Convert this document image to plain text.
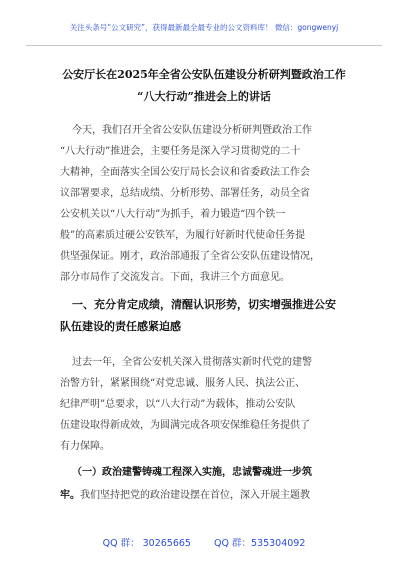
关注头条号“公文研究”，获得最新最全最专业的公文资料库！ 微信：gongwenyj
公安厅长在2025年全省公安队伍建设分析研判暨政治工作
“八大行动”推进会上的讲话
今天，我们召开全省公安队伍建设分析研判暨政治工作
“八大行动”推进会，主要任务是深入学习贯彻党的二十
大精神，全面落实全国公安厅局长会议和省委政法工作会
议部署要求，总结成绩、分析形势、部署任务，动员全省
公安机关以“八大行动”为抓手，着力锻造“四个铁一
般”的高素质过硬公安铁军，为履行好新时代使命任务提
供坚强保证。刚才，政治部通报了全省公安队伍建设情况，
部分市局作了交流发言。下面，我讲三个方面意见。
一、充分肯定成绩，清醒认识形势，切实增强推进公安
队伍建设的责任感紧迫感
过去一年，全省公安机关深入贯彻落实新时代党的建警
治警方针，紧紧围绕“对党忠诚、服务人民、执法公正、
纪律严明”总要求，以“八大行动”为载体，推动公安队
伍建设取得新成效，为圆满完成各项安保维稳任务提供了
有力保障。
（一）政治建警铸魂工程深入实施，忠诚警魂进一步筑
牢。我们坚持把党的政治建设摆在首位，深入开展主题教
QQ 群： 30265665 QQ 群：535304092
